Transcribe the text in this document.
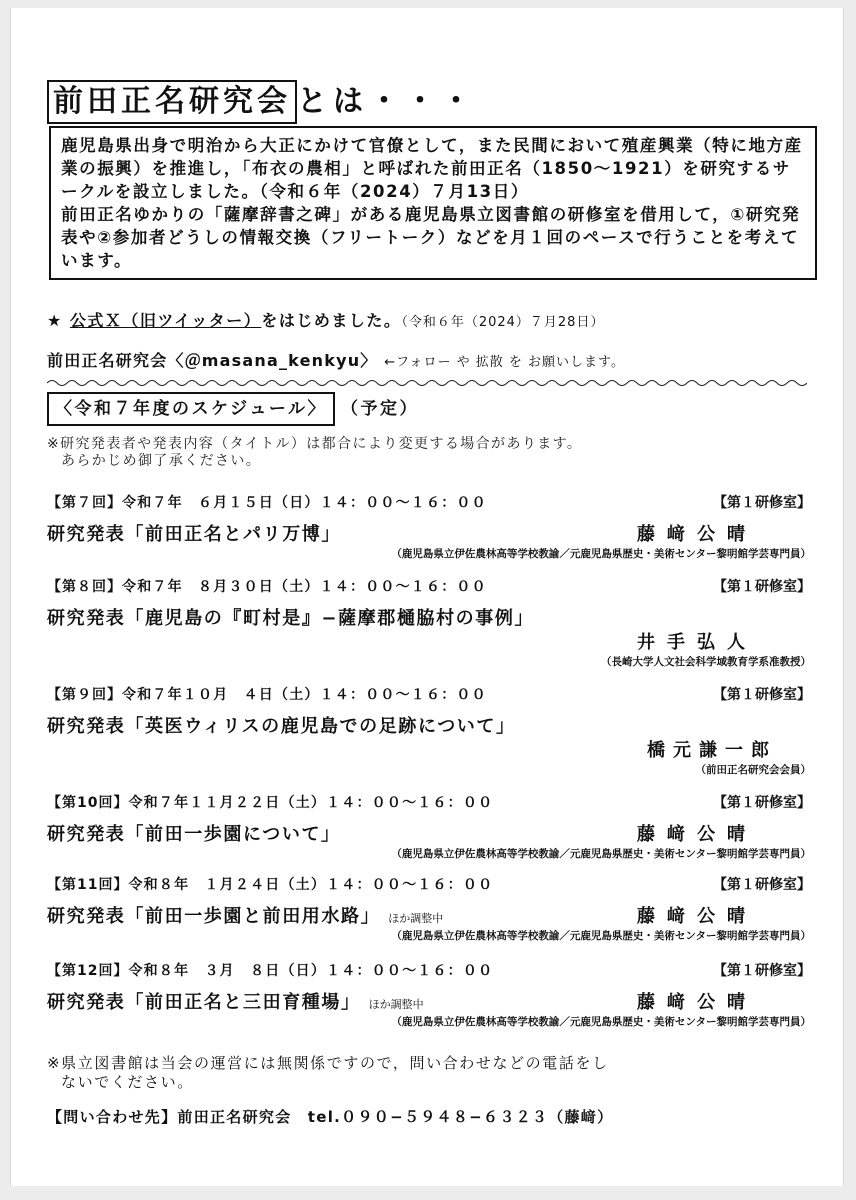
前田正名研究会 とは・・・

鹿児島県出身で明治から大正にかけて官僚として，また民間において殖産興業（特に地方産業の振興）を推進し，「布衣の農相」と呼ばれた前田正名（1850〜1921）を研究するサークルを設立しました。（令和６年（2024）７月13日）

前田正名ゆかりの「薩摩辞書之碑」がある鹿児島県立図書館の研修室を借用して，①研究発表や②参加者どうしの情報交換（フリートーク）などを月１回のペースで行うことを考えています。

★ 公式Ｘ（旧ツイッター）をはじめました。（令和６年（2024）７月28日）
前田正名研究会〈＠masana_kenkyu〉 ←フォロー や 拡散 を お願いします。
〈令和７年度のスケジュール〉 （予定）

※研究発表者や発表内容（タイトル）は都合により変更する場合があります。

あらかじめ御了承ください。

【第７回】令和７年　６月１５日（日）１４：００〜１６：００	【第１研修室】
研究発表「前田正名とパリ万博」	藤﨑公晴
（鹿児島県立伊佐農林高等学校教諭／元鹿児島県歴史・美術センター黎明館学芸専門員）
【第８回】令和７年　８月３０日（土）１４：００〜１６：００	【第１研修室】
研究発表「鹿児島の『町村是』−薩摩郡樋脇村の事例」
井手弘人
（長崎大学人文社会科学域教育学系准教授）
【第９回】令和７年１０月　４日（土）１４：００〜１６：００	【第１研修室】
研究発表「英医ウィリスの鹿児島での足跡について」
橋元謙一郎
（前田正名研究会会員）
【第10回】令和７年１１月２２日（土）１４：００〜１６：００	【第１研修室】
研究発表「前田一歩園について」	藤﨑公晴
（鹿児島県立伊佐農林高等学校教諭／元鹿児島県歴史・美術センター黎明館学芸専門員）
【第11回】令和８年　１月２４日（土）１４：００〜１６：００	【第１研修室】
研究発表「前田一歩園と前田用水路」 ほか調整中	藤﨑公晴
（鹿児島県立伊佐農林高等学校教諭／元鹿児島県歴史・美術センター黎明館学芸専門員）
【第12回】令和８年　３月　８日（日）１４：００〜１６：００	【第１研修室】
研究発表「前田正名と三田育種場」 ほか調整中	藤﨑公晴
（鹿児島県立伊佐農林高等学校教諭／元鹿児島県歴史・美術センター黎明館学芸専門員）

※県立図書館は当会の運営には無関係ですので，問い合わせなどの電話をし

ないでください。

【問い合わせ先】前田正名研究会　tel.０９０−５９４８−６３２３（藤﨑）
